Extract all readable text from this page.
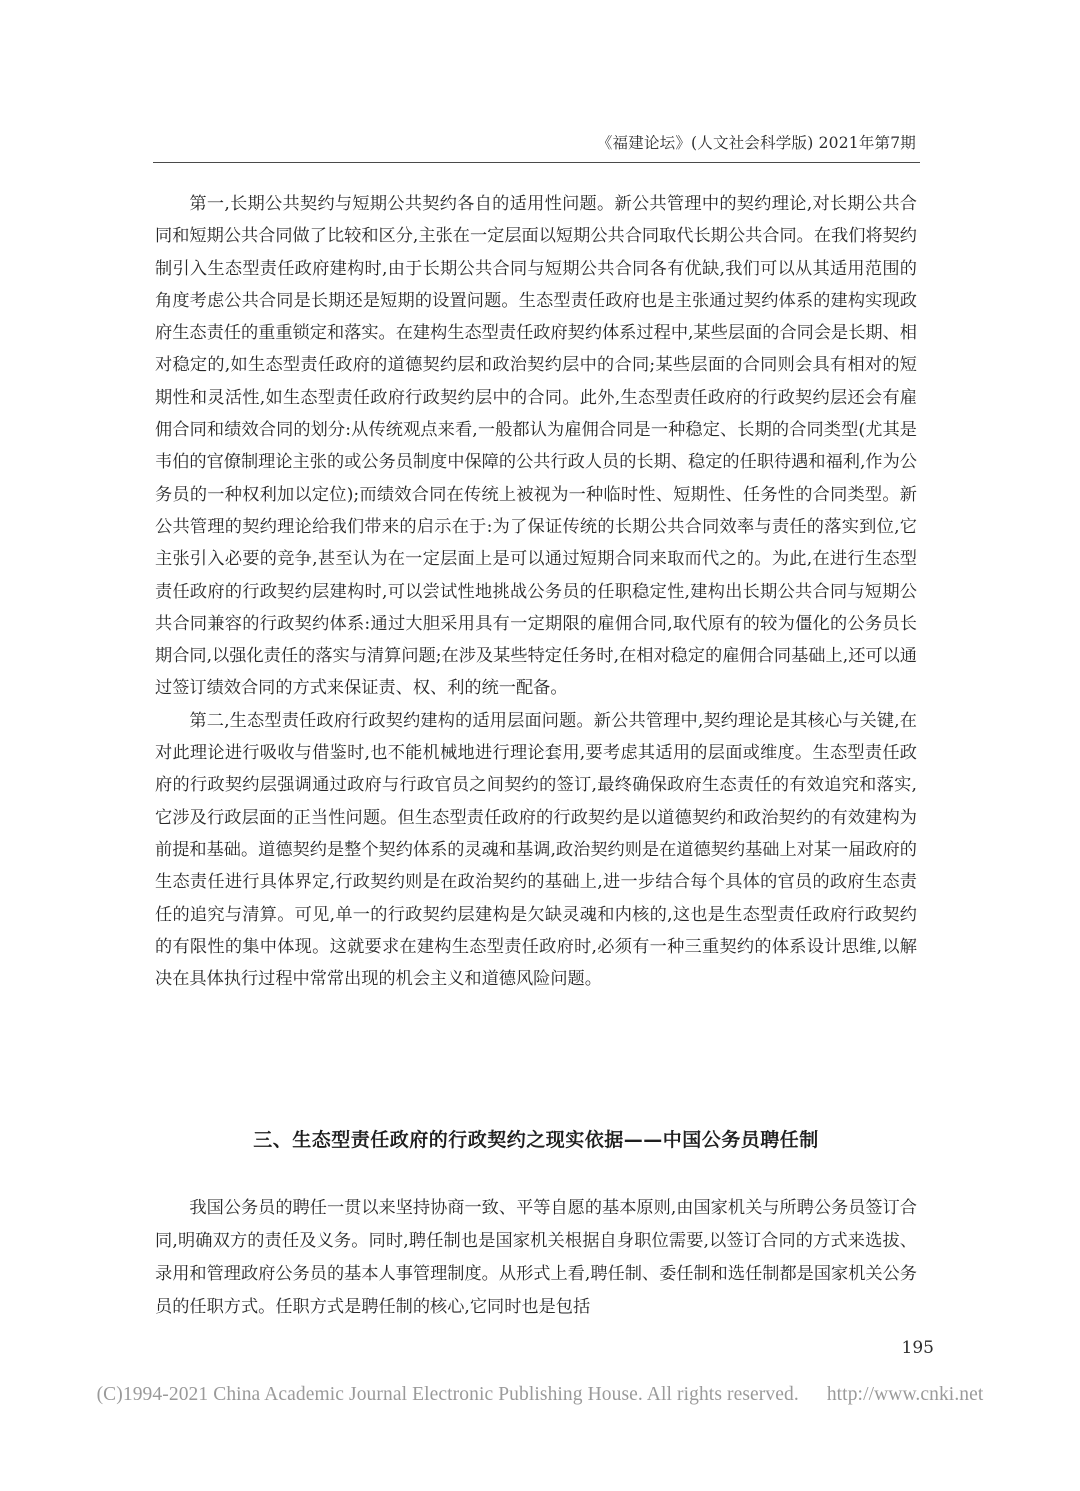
《福建论坛》(人文社会科学版) 2021年第7期

第一,长期公共契约与短期公共契约各自的适用性问题。新公共管理中的契约理论,对长期公共合同和短期公共合同做了比较和区分,主张在一定层面以短期公共合同取代长期公共合同。在我们将契约制引入生态型责任政府建构时,由于长期公共合同与短期公共合同各有优缺,我们可以从其适用范围的角度考虑公共合同是长期还是短期的设置问题。生态型责任政府也是主张通过契约体系的建构实现政府生态责任的重重锁定和落实。在建构生态型责任政府契约体系过程中,某些层面的合同会是长期、相对稳定的,如生态型责任政府的道德契约层和政治契约层中的合同;某些层面的合同则会具有相对的短期性和灵活性,如生态型责任政府行政契约层中的合同。此外,生态型责任政府的行政契约层还会有雇佣合同和绩效合同的划分:从传统观点来看,一般都认为雇佣合同是一种稳定、长期的合同类型(尤其是韦伯的官僚制理论主张的或公务员制度中保障的公共行政人员的长期、稳定的任职待遇和福利,作为公务员的一种权利加以定位);而绩效合同在传统上被视为一种临时性、短期性、任务性的合同类型。新公共管理的契约理论给我们带来的启示在于:为了保证传统的长期公共合同效率与责任的落实到位,它主张引入必要的竞争,甚至认为在一定层面上是可以通过短期合同来取而代之的。为此,在进行生态型责任政府的行政契约层建构时,可以尝试性地挑战公务员的任职稳定性,建构出长期公共合同与短期公共合同兼容的行政契约体系:通过大胆采用具有一定期限的雇佣合同,取代原有的较为僵化的公务员长期合同,以强化责任的落实与清算问题;在涉及某些特定任务时,在相对稳定的雇佣合同基础上,还可以通过签订绩效合同的方式来保证责、权、利的统一配备。

第二,生态型责任政府行政契约建构的适用层面问题。新公共管理中,契约理论是其核心与关键,在对此理论进行吸收与借鉴时,也不能机械地进行理论套用,要考虑其适用的层面或维度。生态型责任政府的行政契约层强调通过政府与行政官员之间契约的签订,最终确保政府生态责任的有效追究和落实,它涉及行政层面的正当性问题。但生态型责任政府的行政契约是以道德契约和政治契约的有效建构为前提和基础。道德契约是整个契约体系的灵魂和基调,政治契约则是在道德契约基础上对某一届政府的生态责任进行具体界定,行政契约则是在政治契约的基础上,进一步结合每个具体的官员的政府生态责任的追究与清算。可见,单一的行政契约层建构是欠缺灵魂和内核的,这也是生态型责任政府行政契约的有限性的集中体现。这就要求在建构生态型责任政府时,必须有一种三重契约的体系设计思维,以解决在具体执行过程中常常出现的机会主义和道德风险问题。

三、生态型责任政府的行政契约之现实依据——中国公务员聘任制

我国公务员的聘任一贯以来坚持协商一致、平等自愿的基本原则,由国家机关与所聘公务员签订合同,明确双方的责任及义务。同时,聘任制也是国家机关根据自身职位需要,以签订合同的方式来选拔、录用和管理政府公务员的基本人事管理制度。从形式上看,聘任制、委任制和选任制都是国家机关公务员的任职方式。任职方式是聘任制的核心,它同时也是包括

195
(C)1994-2021 China Academic Journal Electronic Publishing House. All rights reserved. http://www.cnki.net
